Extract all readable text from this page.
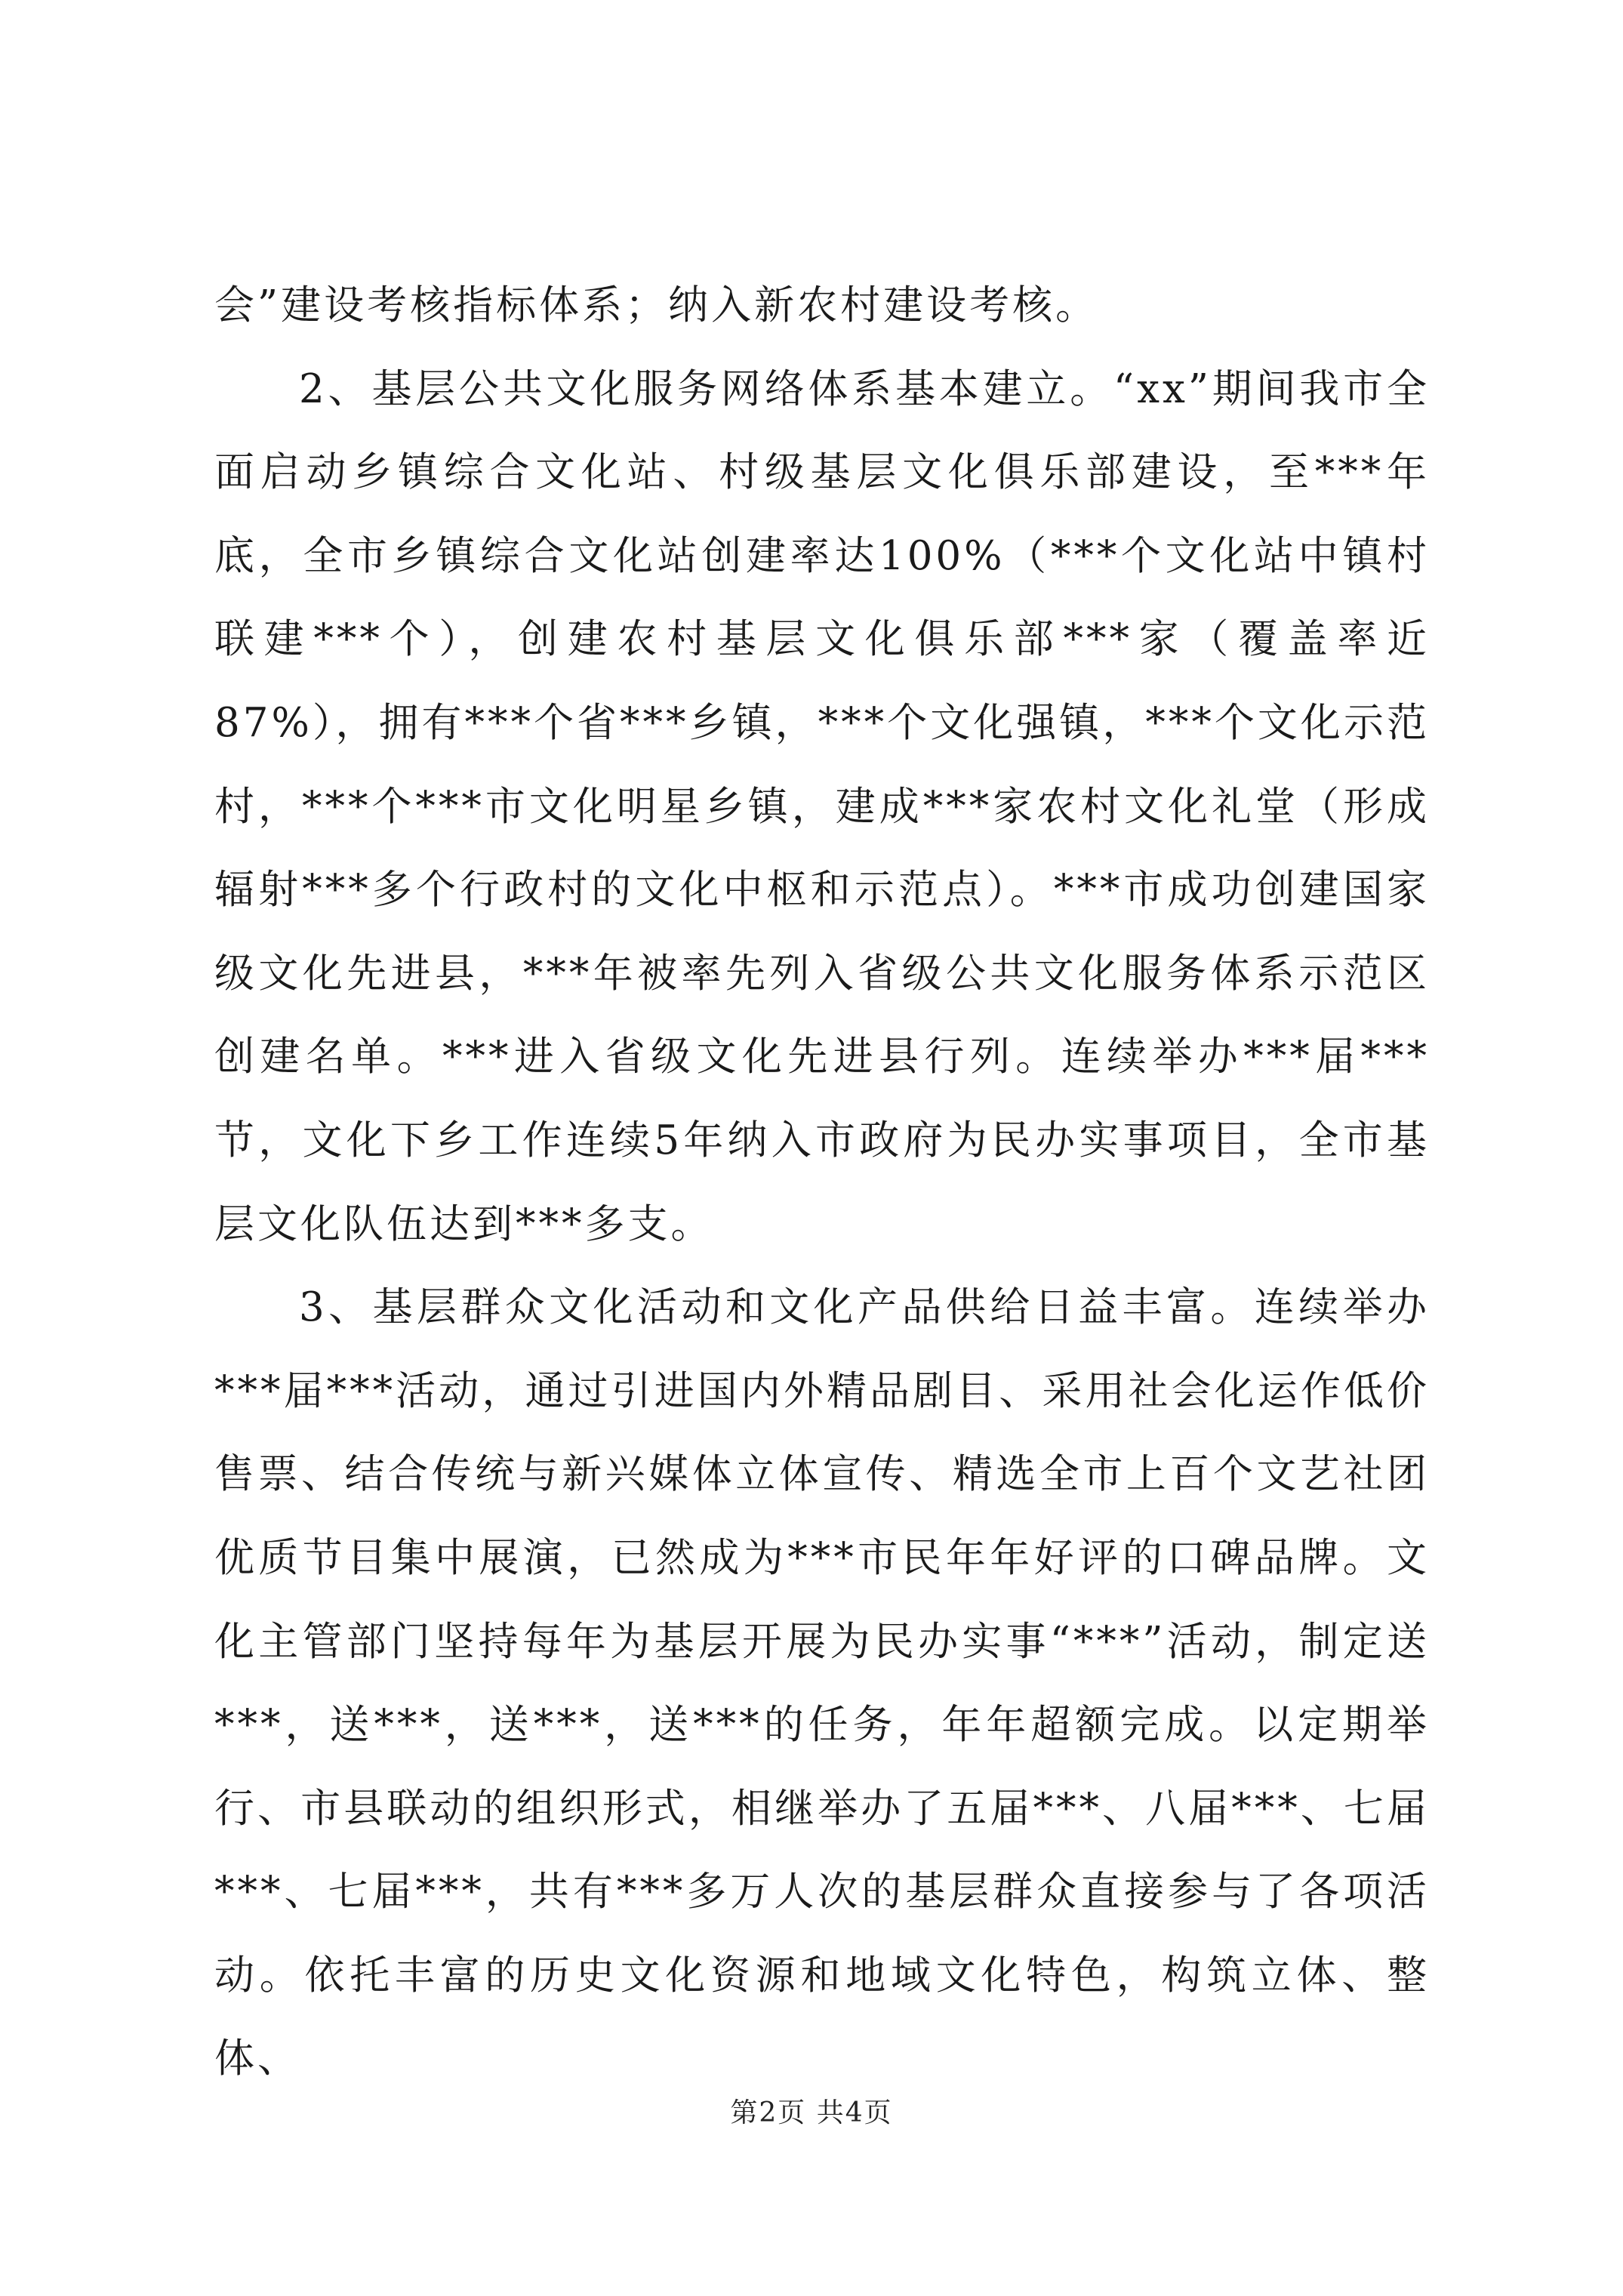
会”建设考核指标体系；纳入新农村建设考核。

2、基层公共文化服务网络体系基本建立。“xx”期间我市全面启动乡镇综合文化站、村级基层文化俱乐部建设，至***年底，全市乡镇综合文化站创建率达100%（***个文化站中镇村联建***个），创建农村基层文化俱乐部***家（覆盖率近87%），拥有***个省***乡镇，***个文化强镇，***个文化示范村，***个***市文化明星乡镇，建成***家农村文化礼堂（形成辐射***多个行政村的文化中枢和示范点）。***市成功创建国家级文化先进县，***年被率先列入省级公共文化服务体系示范区创建名单。***进入省级文化先进县行列。连续举办***届***节，文化下乡工作连续5年纳入市政府为民办实事项目，全市基层文化队伍达到***多支。

3、基层群众文化活动和文化产品供给日益丰富。连续举办***届***活动，通过引进国内外精品剧目、采用社会化运作低价售票、结合传统与新兴媒体立体宣传、精选全市上百个文艺社团优质节目集中展演，已然成为***市民年年好评的口碑品牌。文化主管部门坚持每年为基层开展为民办实事“***”活动，制定送***，送***，送***，送***的任务，年年超额完成。以定期举行、市县联动的组织形式，相继举办了五届***、八届***、七届***、七届***，共有***多万人次的基层群众直接参与了各项活动。依托丰富的历史文化资源和地域文化特色，构筑立体、整体、

第2页 共4页
